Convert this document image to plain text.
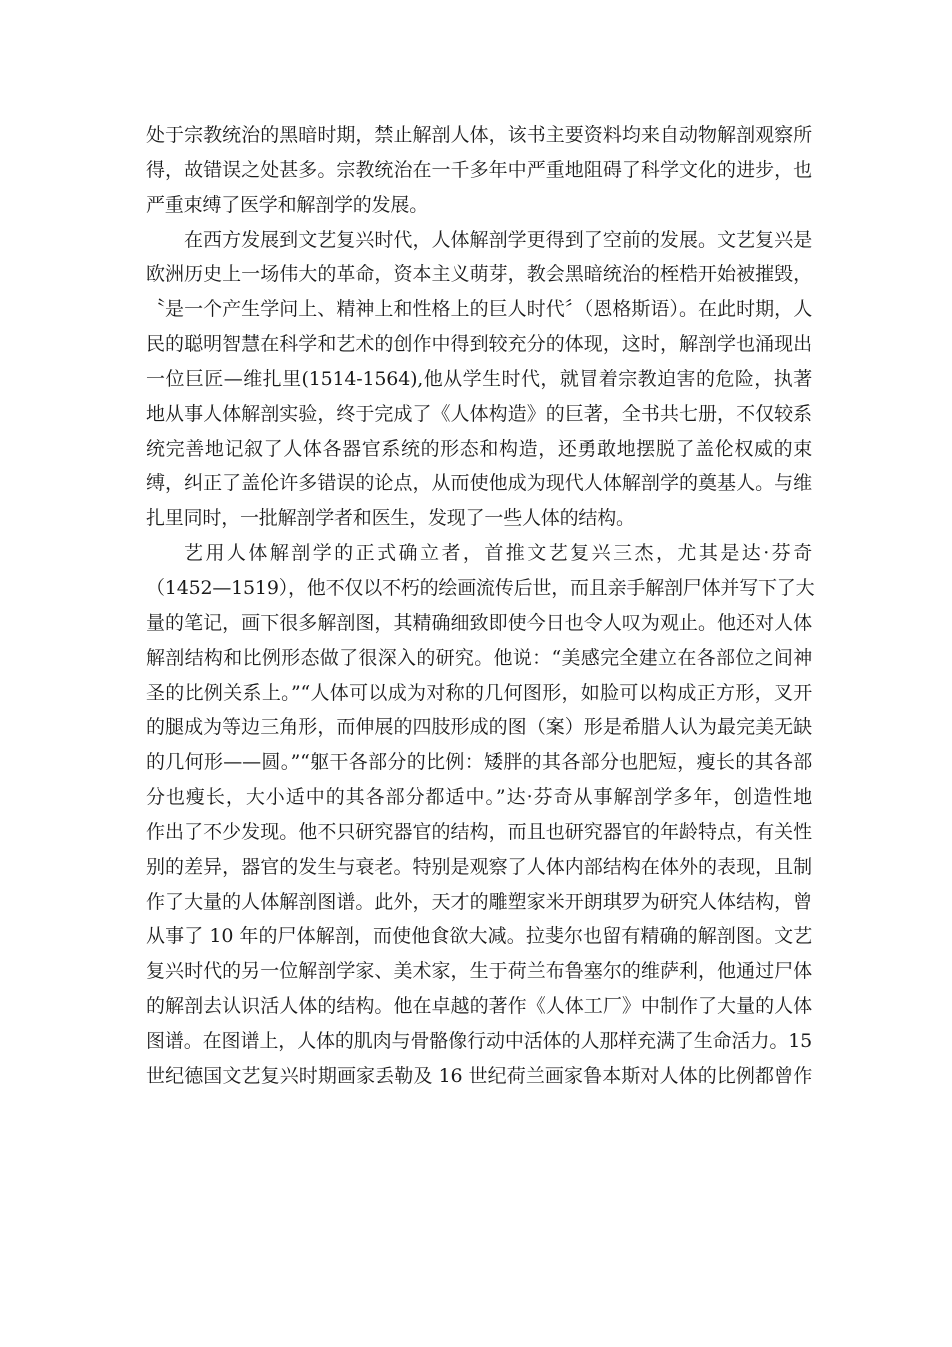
处于宗教统治的黑暗时期，禁止解剖人体，该书主要资料均来自动物解剖观察所
得，故错误之处甚多。宗教统治在一千多年中严重地阻碍了科学文化的进步，也
严重束缚了医学和解剖学的发展。
在西方发展到文艺复兴时代，人体解剖学更得到了空前的发展。文艺复兴是
欧洲历史上一场伟大的革命，资本主义萌芽，教会黑暗统治的桎梏开始被摧毁，
〝是一个产生学问上、精神上和性格上的巨人时代〞（恩格斯语）。在此时期，人
民的聪明智慧在科学和艺术的创作中得到较充分的体现，这时，解剖学也涌现出
一位巨匠—维扎里(1514-1564),他从学生时代，就冒着宗教迫害的危险，执著
地从事人体解剖实验，终于完成了《人体构造》的巨著，全书共七册，不仅较系
统完善地记叙了人体各器官系统的形态和构造，还勇敢地摆脱了盖伦权威的束
缚，纠正了盖伦许多错误的论点，从而使他成为现代人体解剖学的奠基人。与维
扎里同时，一批解剖学者和医生，发现了一些人体的结构。
艺用人体解剖学的正式确立者，首推文艺复兴三杰，尤其是达·芬奇
（1452—1519），他不仅以不朽的绘画流传后世，而且亲手解剖尸体并写下了大
量的笔记，画下很多解剖图，其精确细致即使今日也令人叹为观止。他还对人体
解剖结构和比例形态做了很深入的研究。他说：“美感完全建立在各部位之间神
圣的比例关系上。”“人体可以成为对称的几何图形，如脸可以构成正方形，叉开
的腿成为等边三角形，而伸展的四肢形成的图（案）形是希腊人认为最完美无缺
的几何形——圆。”“躯干各部分的比例：矮胖的其各部分也肥短，瘦长的其各部
分也瘦长，大小适中的其各部分都适中。”达·芬奇从事解剖学多年，创造性地
作出了不少发现。他不只研究器官的结构，而且也研究器官的年龄特点，有关性
别的差异，器官的发生与衰老。特别是观察了人体内部结构在体外的表现，且制
作了大量的人体解剖图谱。此外，天才的雕塑家米开朗琪罗为研究人体结构，曾
从事了 10 年的尸体解剖，而使他食欲大减。拉斐尔也留有精确的解剖图。文艺
复兴时代的另一位解剖学家、美术家，生于荷兰布鲁塞尔的维萨利，他通过尸体
的解剖去认识活人体的结构。他在卓越的著作《人体工厂》中制作了大量的人体
图谱。在图谱上，人体的肌肉与骨骼像行动中活体的人那样充满了生命活力。15
世纪德国文艺复兴时期画家丢勒及 16 世纪荷兰画家鲁本斯对人体的比例都曾作
